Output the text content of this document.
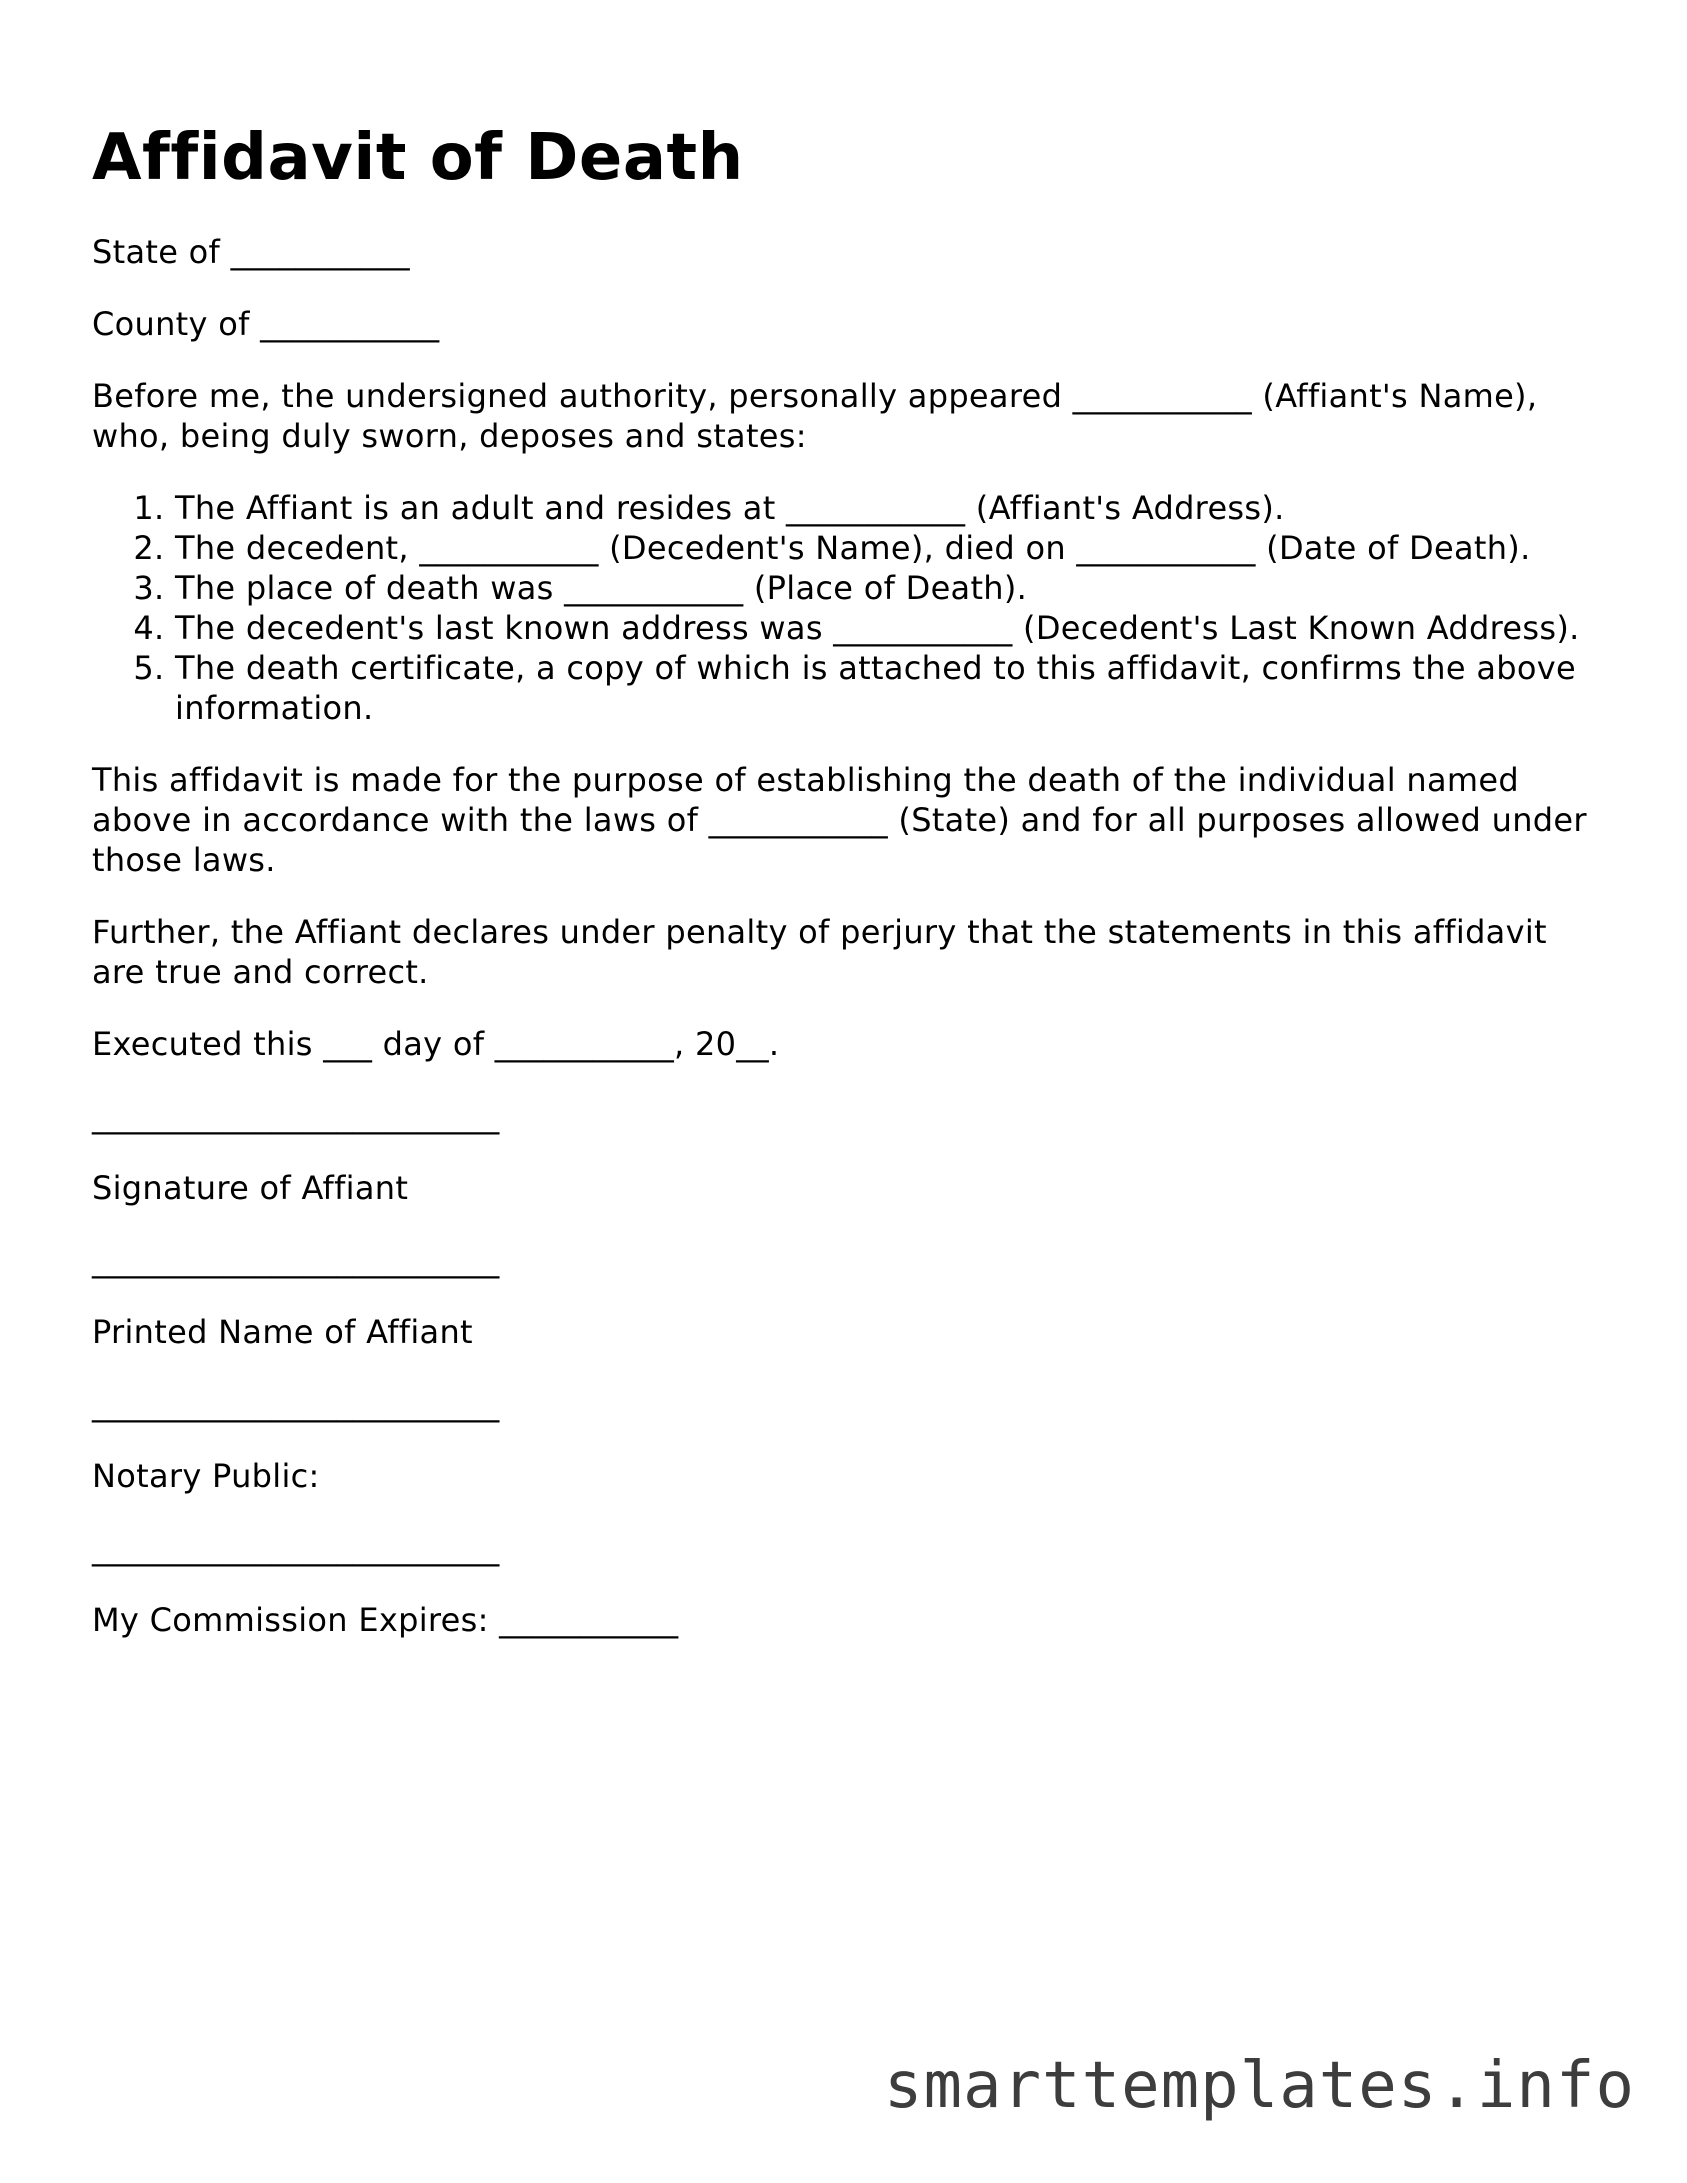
Affidavit of Death

State of ___________

County of ___________

Before me, the undersigned authority, personally appeared ___________ (Affiant's Name), who, being duly sworn, deposes and states:

1. The Affiant is an adult and resides at ___________ (Affiant's Address).
2. The decedent, ___________ (Decedent's Name), died on ___________ (Date of Death).
3. The place of death was ___________ (Place of Death).
4. The decedent's last known address was ___________ (Decedent's Last Known Address).
5. The death certificate, a copy of which is attached to this affidavit, confirms the above information.

This affidavit is made for the purpose of establishing the death of the individual named above in accordance with the laws of ___________ (State) and for all purposes allowed under those laws.

Further, the Affiant declares under penalty of perjury that the statements in this affidavit are true and correct.

Executed this ___ day of ___________, 20__.

_________________________
Signature of Affiant
_________________________
Printed Name of Affiant
_________________________
Notary Public:
_________________________
My Commission Expires: ___________
smarttemplates.info
